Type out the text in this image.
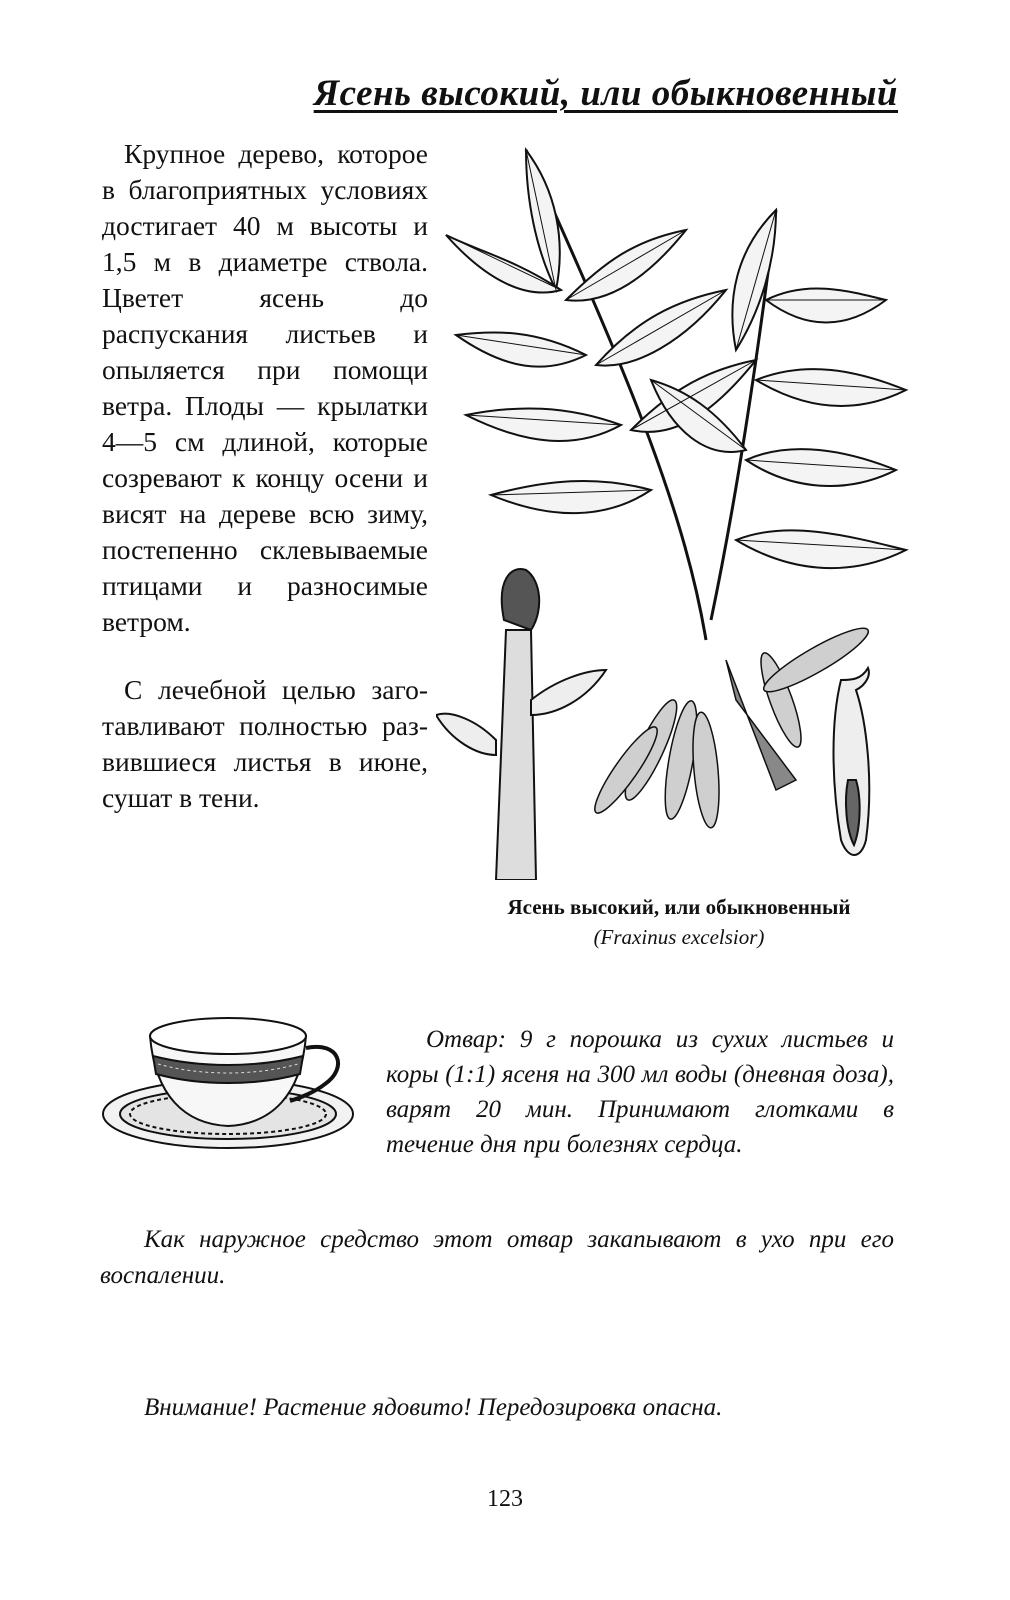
Ясень высокий, или обыкновенный

Крупное дерево, которое в благоприятных условиях достигает 40 м высоты и 1,5 м в диаметре ствола. Цветет ясень до распускания листьев и опыляется при помощи ветра. Плоды — крылатки 4—5 см длиной, которые созревают к концу осени и висят на дереве всю зиму, постепенно склевываемые птицами и разносимые ветром.

С лечебной целью заготавливают полностью развившиеся листья в июне, сушат в тени.

Ясень высокий, или обыкновенный
(Fraxinus excelsior)

Отвар: 9 г порошка из сухих листьев и коры (1:1) ясеня на 300 мл воды (дневная доза), варят 20 мин. Принимают глотками в течение дня при болезнях сердца.

Как наружное средство этот отвар закапывают в ухо при его воспалении.

Внимание! Растение ядовито! Передозировка опасна.
123
